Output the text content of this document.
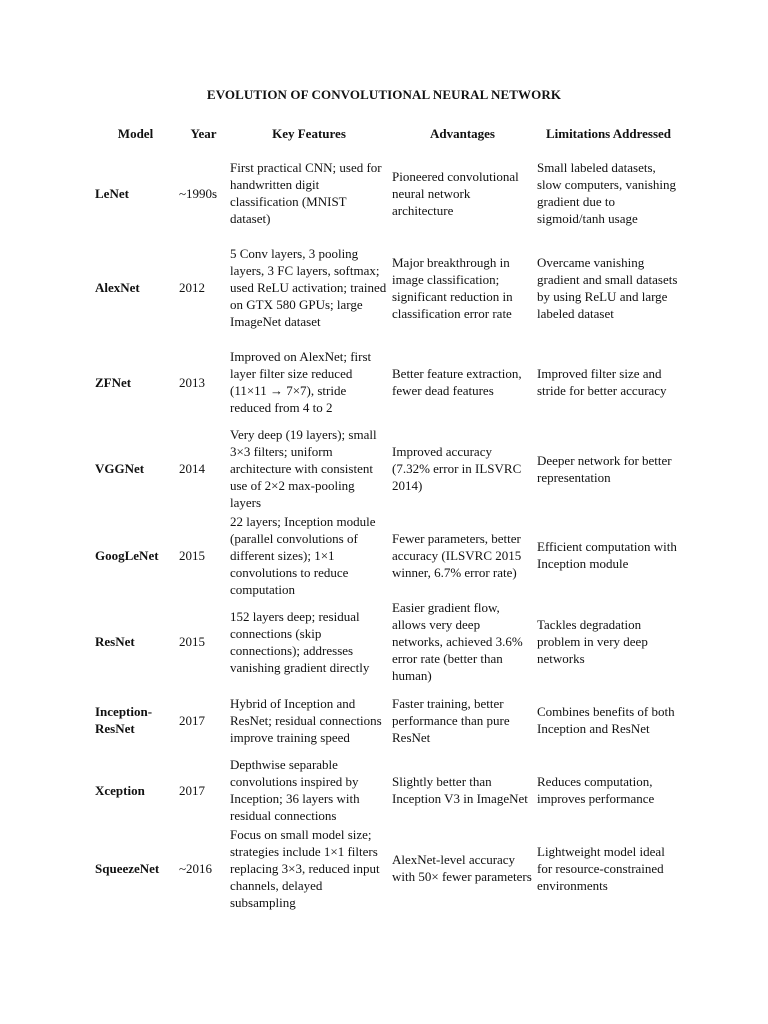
EVOLUTION OF CONVOLUTIONAL NEURAL NETWORK
Model	Year	Key Features	Advantages	Limitations Addressed
LeNet	~1990s	First practical CNN; used for handwritten digit classification (MNIST dataset)	Pioneered convolutional neural network architecture	Small labeled datasets, slow computers, vanishing gradient due to sigmoid/tanh usage
AlexNet	2012	5 Conv layers, 3 pooling layers, 3 FC layers, softmax; used ReLU activation; trained on GTX 580 GPUs; large ImageNet dataset	Major breakthrough in image classification; significant reduction in classification error rate	Overcame vanishing gradient and small datasets by using ReLU and large labeled dataset
ZFNet	2013	Improved on AlexNet; first layer filter size reduced (11×11 → 7×7), stride reduced from 4 to 2	Better feature extraction, fewer dead features	Improved filter size and stride for better accuracy
VGGNet	2014	Very deep (19 layers); small 3×3 filters; uniform architecture with consistent use of 2×2 max-pooling layers	Improved accuracy (7.32% error in ILSVRC 2014)	Deeper network for better representation
GoogLeNet	2015	22 layers; Inception module (parallel convolutions of different sizes); 1×1 convolutions to reduce computation	Fewer parameters, better accuracy (ILSVRC 2015 winner, 6.7% error rate)	Efficient computation with Inception module
ResNet	2015	152 layers deep; residual connections (skip connections); addresses vanishing gradient directly	Easier gradient flow, allows very deep networks, achieved 3.6% error rate (better than human)	Tackles degradation problem in very deep networks
Inception-ResNet	2017	Hybrid of Inception and ResNet; residual connections improve training speed	Faster training, better performance than pure ResNet	Combines benefits of both Inception and ResNet
Xception	2017	Depthwise separable convolutions inspired by Inception; 36 layers with residual connections	Slightly better than Inception V3 in ImageNet	Reduces computation, improves performance
SqueezeNet	~2016	Focus on small model size; strategies include 1×1 filters replacing 3×3, reduced input channels, delayed subsampling	AlexNet-level accuracy with 50× fewer parameters	Lightweight model ideal for resource-constrained environments
